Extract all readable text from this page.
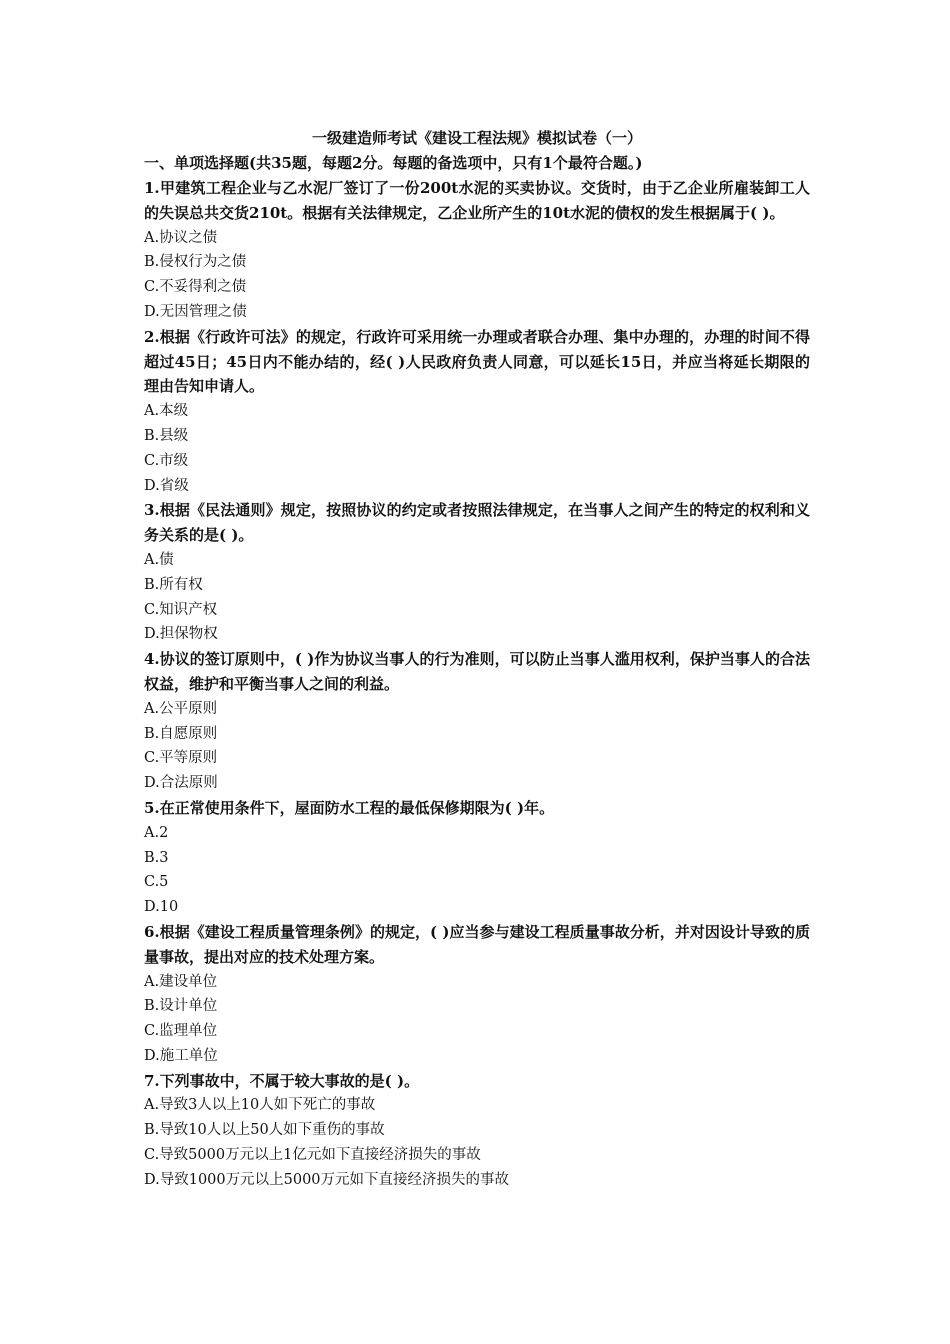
一级建造师考试《建设工程法规》模拟试卷（一）

一、单项选择题(共35题，每题2分。每题的备选项中，只有1个最符合题。)

1.甲建筑工程企业与乙水泥厂签订了一份200t水泥的买卖协议。交货时，由于乙企业所雇装卸工人的失误总共交货210t。根据有关法律规定，乙企业所产生的10t水泥的债权的发生根据属于( )。

A.协议之债

B.侵权行为之债

C.不妥得利之债

D.无因管理之债

2.根据《行政许可法》的规定，行政许可采用统一办理或者联合办理、集中办理的，办理的时间不得超过45日；45日内不能办结的，经( )人民政府负责人同意，可以延长15日，并应当将延长期限的理由告知申请人。

A.本级

B.县级

C.市级

D.省级

3.根据《民法通则》规定，按照协议的约定或者按照法律规定，在当事人之间产生的特定的权利和义务关系的是( )。

A.债

B.所有权

C.知识产权

D.担保物权

4.协议的签订原则中，( )作为协议当事人的行为准则，可以防止当事人滥用权利，保护当事人的合法权益，维护和平衡当事人之间的利益。

A.公平原则

B.自愿原则

C.平等原则

D.合法原则

5.在正常使用条件下，屋面防水工程的最低保修期限为( )年。

A.2

B.3

C.5

D.10

6.根据《建设工程质量管理条例》的规定，( )应当参与建设工程质量事故分析，并对因设计导致的质量事故，提出对应的技术处理方案。

A.建设单位

B.设计单位

C.监理单位

D.施工单位

7.下列事故中，不属于较大事故的是( )。

A.导致3人以上10人如下死亡的事故

B.导致10人以上50人如下重伤的事故

C.导致5000万元以上1亿元如下直接经济损失的事故

D.导致1000万元以上5000万元如下直接经济损失的事故
